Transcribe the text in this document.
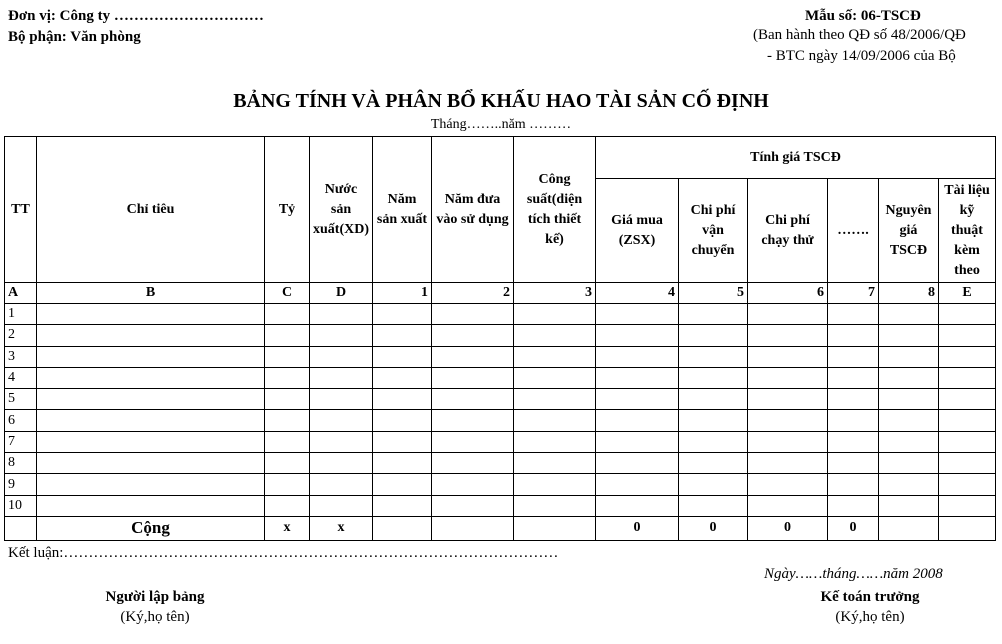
Đơn vị: Công ty …………………………
Bộ phận: Văn phòng
Mẫu số: 06-TSCĐ
(Ban hành theo QĐ số 48/2006/QĐ
- BTC ngày 14/09/2006 của Bộ
BẢNG TÍNH VÀ PHÂN BỔ KHẤU HAO TÀI SẢN CỐ ĐỊNH
Tháng……..năm ………
TT	Chỉ tiêu	Tỷ	Nước sản xuất(XD)	Năm sản xuất	Năm đưa vào sử dụng	Công suất(diện tích thiết kế)	Tính giá TSCĐ					
							Giá mua (ZSX)	Chi phí vận chuyển	Chi phí chạy thử	…….	Nguyên giá TSCĐ	Tài liệu kỹ thuật kèm theo
A	B	C	D	1	2	3	4	5	6	7	8	E
1												
2												
3												
4												
5												
6												
7												
8												
9												
10												
	Cộng	x	x				0	0	0	0		
Kết luận:………………………………………………………………………………………
Ngày……tháng……năm 2008
Người lập bảng
(Ký,họ tên)
Kế toán trưởng
(Ký,họ tên)
